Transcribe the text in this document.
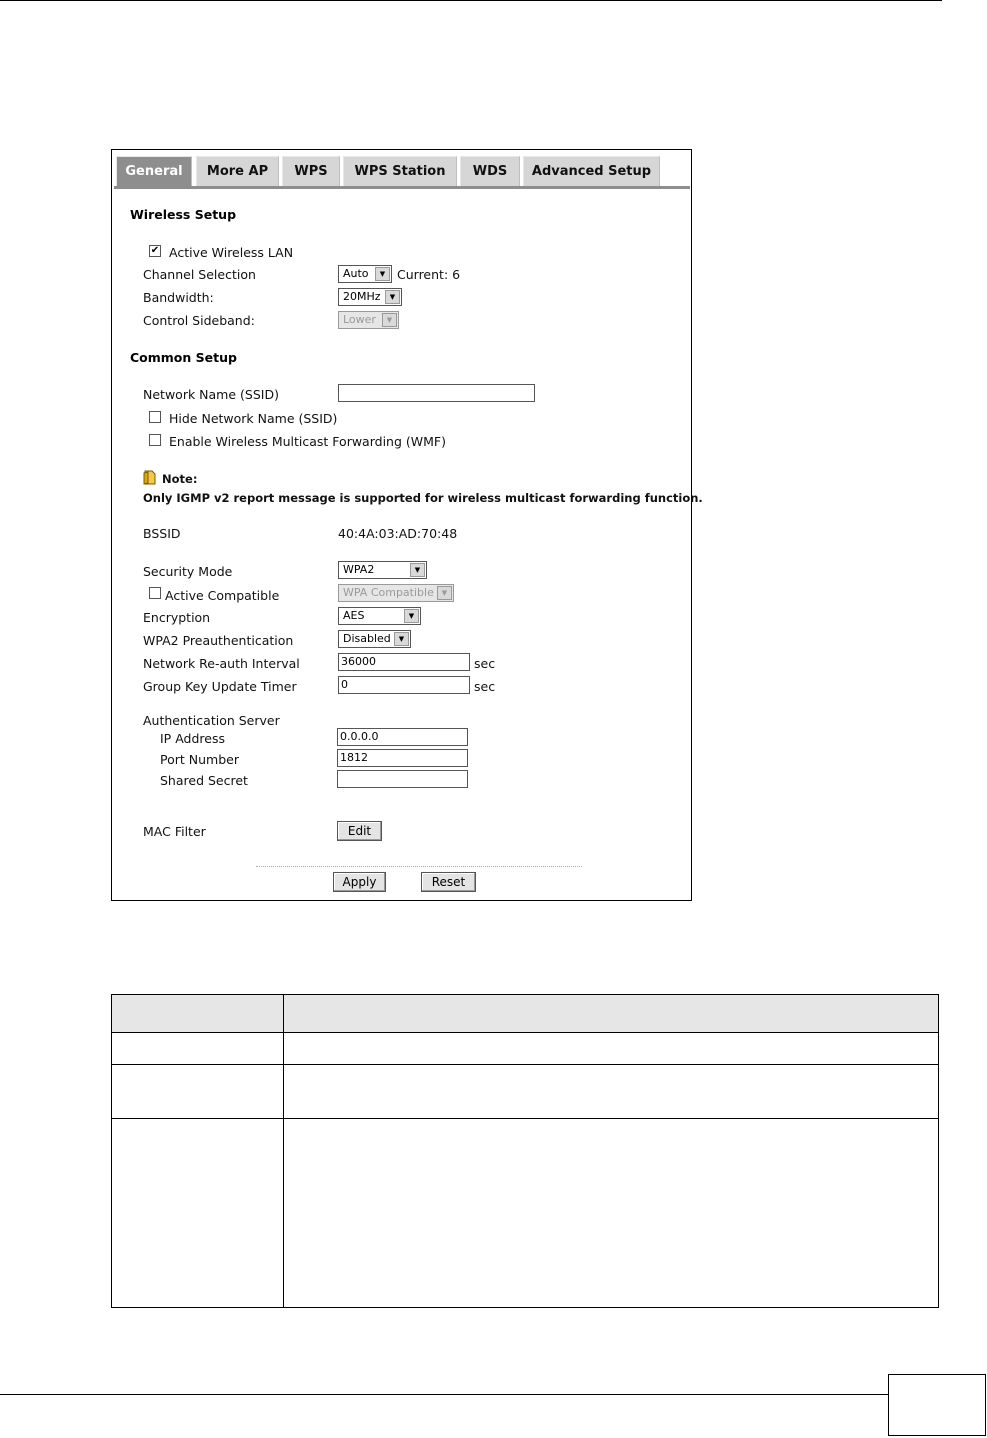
General	More AP	WPS	WPS Station	WDS	Advanced Setup
Wireless Setup
✔ Active Wireless LAN
Channel Selection	Auto	▼ Current: 6
Bandwidth:	20MHz	▼
Control Sideband:	Lower	▼
Common Setup
Network Name (SSID)
Hide Network Name (SSID)
Enable Wireless Multicast Forwarding (WMF)
Note:
Only IGMP v2 report message is supported for wireless multicast forwarding function.
BSSID	40:4A:03:AD:70:48
Security Mode	WPA2	▼
Active Compatible	WPA Compatible	▼
Encryption	AES	▼
WPA2 Preauthentication	Disabled	▼
Network Re-auth Interval	36000	sec
Group Key Update Timer	0	sec
Authentication Server
IP Address	0.0.0.0
Port Number	1812
Shared Secret
MAC Filter	Edit
Apply	Reset
